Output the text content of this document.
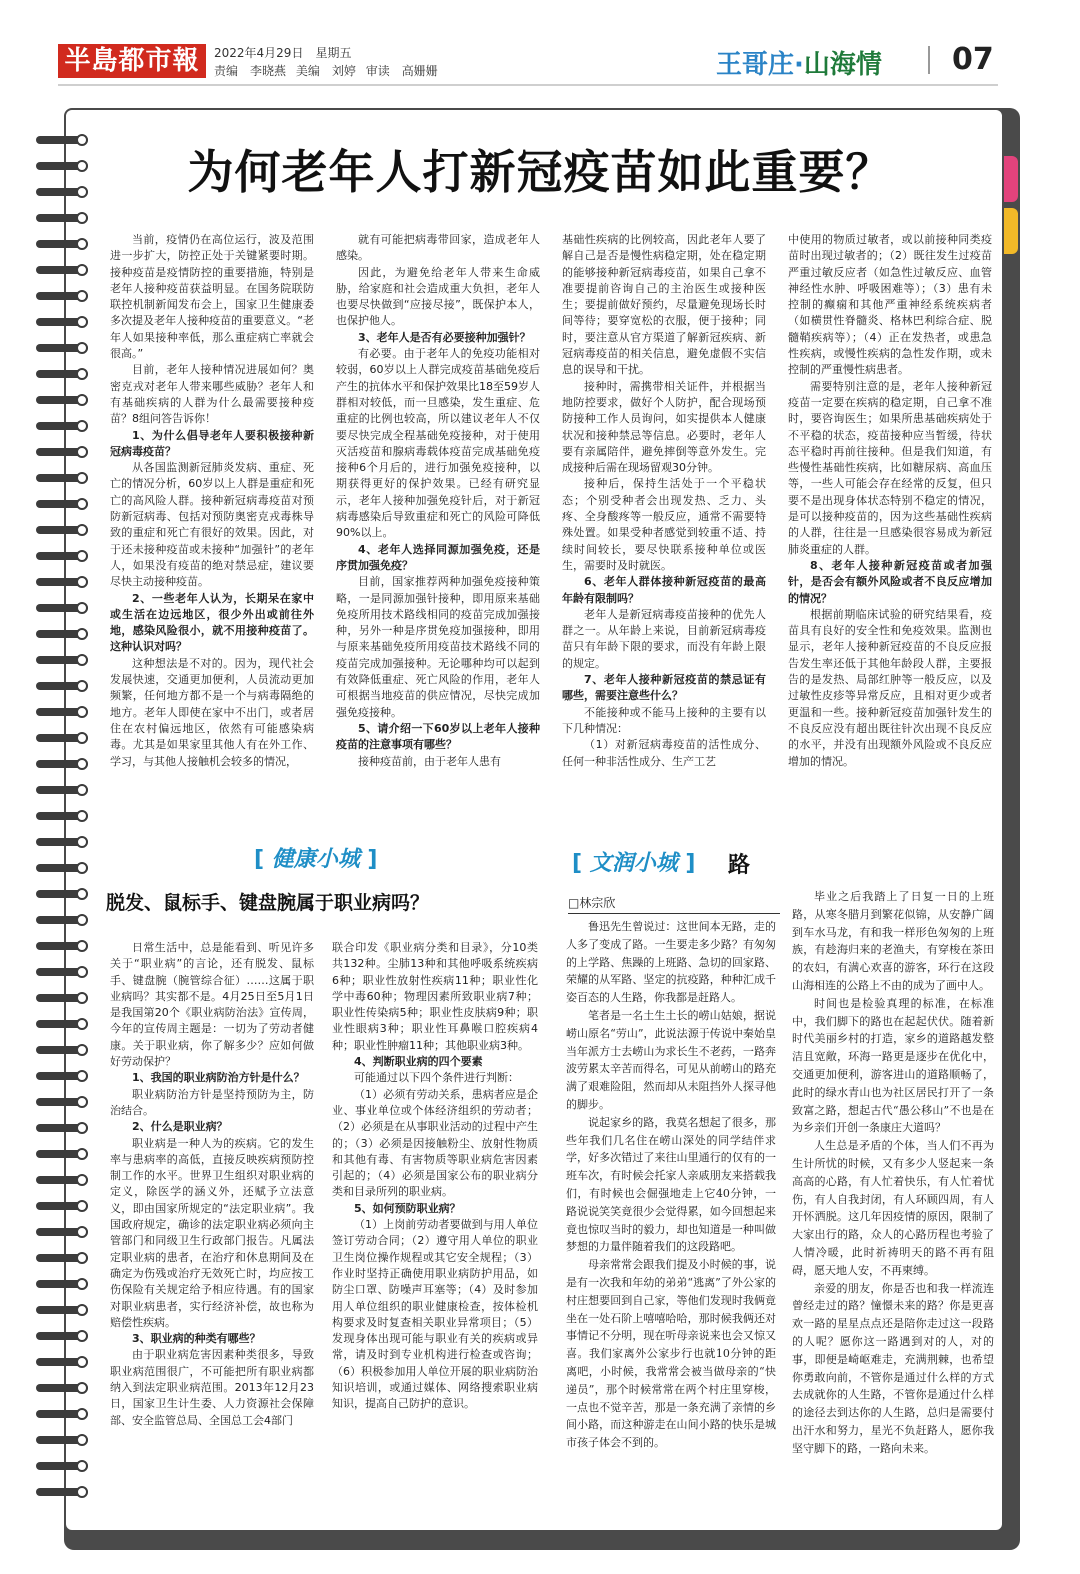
半島都市報	2022年4月29日　星期五
责编　李晓燕 美编　刘婷 审读　高姗姗	王哥庄·山海情 07
为何老年人打新冠疫苗如此重要？

当前，疫情仍在高位运行，波及范围进一步扩大，防控正处于关键紧要时期。接种疫苗是疫情防控的重要措施，特别是老年人接种疫苗获益明显。在国务院联防联控机制新闻发布会上，国家卫生健康委多次提及老年人接种疫苗的重要意义。“老年人如果接种率低，那么重症病亡率就会很高。”

目前，老年人接种情况进展如何？奥密克戎对老年人带来哪些威胁？老年人和有基础疾病的人群为什么最需要接种疫苗？8组问答告诉你！

1、为什么倡导老年人要积极接种新冠病毒疫苗？

从各国监测新冠肺炎发病、重症、死亡的情况分析，60岁以上人群是重症和死亡的高风险人群。接种新冠病毒疫苗对预防新冠病毒、包括对预防奥密克戎毒株导致的重症和死亡有很好的效果。因此，对于还未接种疫苗或未接种“加强针”的老年人，如果没有疫苗的绝对禁忌症，建议要尽快主动接种疫苗。

2、一些老年人认为，长期呆在家中或生活在边远地区，很少外出或前往外地，感染风险很小，就不用接种疫苗了。这种认识对吗？

这种想法是不对的。因为，现代社会发展快速，交通更加便利，人员流动更加频繁，任何地方都不是一个与病毒隔绝的地方。老年人即使在家中不出门，或者居住在农村偏远地区，依然有可能感染病毒。尤其是如果家里其他人有在外工作、学习，与其他人接触机会较多的情况，

就有可能把病毒带回家，造成老年人感染。

因此，为避免给老年人带来生命威胁，给家庭和社会造成重大负担，老年人也要尽快做到“应接尽接”，既保护本人，也保护他人。

3、老年人是否有必要接种加强针？

有必要。由于老年人的免疫功能相对较弱，60岁以上人群完成疫苗基础免疫后产生的抗体水平和保护效果比18至59岁人群相对较低，而一旦感染，发生重症、危重症的比例也较高，所以建议老年人不仅要尽快完成全程基础免疫接种，对于使用灭活疫苗和腺病毒载体疫苗完成基础免疫接种6个月后的，进行加强免疫接种，以期获得更好的保护效果。已经有研究显示，老年人接种加强免疫针后，对于新冠病毒感染后导致重症和死亡的风险可降低90%以上。

4、老年人选择同源加强免疫，还是序贯加强免疫？

目前，国家推荐两种加强免疫接种策略，一是同源加强针接种，即用原来基础免疫所用技术路线相同的疫苗完成加强接种，另外一种是序贯免疫加强接种，即用与原来基础免疫所用疫苗技术路线不同的疫苗完成加强接种。无论哪种均可以起到有效降低重症、死亡风险的作用，老年人可根据当地疫苗的供应情况，尽快完成加强免疫接种。

5、请介绍一下60岁以上老年人接种疫苗的注意事项有哪些？

接种疫苗前，由于老年人患有

基础性疾病的比例较高，因此老年人要了解自己是否是慢性病稳定期，处在稳定期的能够接种新冠病毒疫苗，如果自己拿不准要提前咨询自己的主治医生或接种医生；要提前做好预约，尽量避免现场长时间等待；要穿宽松的衣服，便于接种；同时，要注意从官方渠道了解新冠疾病、新冠病毒疫苗的相关信息，避免虚假不实信息的误导和干扰。

接种时，需携带相关证件，并根据当地防控要求，做好个人防护，配合现场预防接种工作人员询问，如实提供本人健康状况和接种禁忌等信息。必要时，老年人要有亲属陪伴，避免摔倒等意外发生。完成接种后需在现场留观30分钟。

接种后，保持生活处于一个平稳状态；个别受种者会出现发热、乏力、头疼、全身酸疼等一般反应，通常不需要特殊处置。如果受种者感觉到较重不适、持续时间较长，要尽快联系接种单位或医生，需要时及时就医。

6、老年人群体接种新冠疫苗的最高年龄有限制吗？

老年人是新冠病毒疫苗接种的优先人群之一。从年龄上来说，目前新冠病毒疫苗只有年龄下限的要求，而没有年龄上限的规定。

7、老年人接种新冠疫苗的禁忌证有哪些，需要注意些什么？

不能接种或不能马上接种的主要有以下几种情况：

（1）对新冠病毒疫苗的活性成分、任何一种非活性成分、生产工艺

中使用的物质过敏者，或以前接种同类疫苗时出现过敏者的；（2）既往发生过疫苗严重过敏反应者（如急性过敏反应、血管神经性水肿、呼吸困难等）；（3）患有未控制的癫痫和其他严重神经系统疾病者（如横贯性脊髓炎、格林巴利综合症、脱髓鞘疾病等）；（4）正在发热者，或患急性疾病，或慢性疾病的急性发作期，或未控制的严重慢性病患者。

需要特别注意的是，老年人接种新冠疫苗一定要在疾病的稳定期，自己拿不准时，要咨询医生；如果所患基础疾病处于不平稳的状态，疫苗接种应当暂缓，待状态平稳时再前往接种。但是我们知道，有些慢性基础性疾病，比如糖尿病、高血压等，一些人可能会存在经常的反复，但只要不是出现身体状态特别不稳定的情况，是可以接种疫苗的，因为这些基础性疾病的人群，往往是一旦感染很容易成为新冠肺炎重症的人群。

8、老年人接种新冠疫苗或者加强针，是否会有额外风险或者不良反应增加的情况？

根据前期临床试验的研究结果看，疫苗具有良好的安全性和免疫效果。监测也显示，老年人接种新冠疫苗的不良反应报告发生率还低于其他年龄段人群，主要报告的是发热、局部红肿等一般反应，以及过敏性皮疹等异常反应，且相对更少或者更温和一些。接种新冠疫苗加强针发生的不良反应没有超出既往针次出现不良反应的水平，并没有出现额外风险或不良反应增加的情况。

[ 健康小城 ]
脱发、鼠标手、键盘腕属于职业病吗？

日常生活中，总是能看到、听见许多关于“职业病”的言论，还有脱发、鼠标手、键盘腕（腕管综合征）……这属于职业病吗？其实都不是。4月25日至5月1日是我国第20个《职业病防治法》宣传周，今年的宣传周主题是：一切为了劳动者健康。关于职业病，你了解多少？应如何做好劳动保护？

1、我国的职业病防治方针是什么？

职业病防治方针是坚持预防为主，防治结合。

2、什么是职业病？

职业病是一种人为的疾病。它的发生率与患病率的高低，直接反映疾病预防控制工作的水平。世界卫生组织对职业病的定义，除医学的涵义外，还赋予立法意义，即由国家所规定的“法定职业病”。我国政府规定，确诊的法定职业病必须向主管部门和同级卫生行政部门报告。凡属法定职业病的患者，在治疗和休息期间及在确定为伤残或治疗无效死亡时，均应按工伤保险有关规定给予相应待遇。有的国家对职业病患者，实行经济补偿，故也称为赔偿性疾病。

3、职业病的种类有哪些？

由于职业病危害因素种类很多，导致职业病范围很广，不可能把所有职业病都纳入到法定职业病范围。2013年12月23日，国家卫生计生委、人力资源社会保障部、安全监管总局、全国总工会4部门

联合印发《职业病分类和目录》，分10类共132种。尘肺13种和其他呼吸系统疾病6种；职业性放射性疾病11种；职业性化学中毒60种；物理因素所致职业病7种；职业性传染病5种；职业性皮肤病9种；职业性眼病3种；职业性耳鼻喉口腔疾病4种；职业性肿瘤11种；其他职业病3种。

4、判断职业病的四个要素

可能通过以下四个条件进行判断：

（1）必须有劳动关系，患病者应是企业、事业单位或个体经济组织的劳动者；（2）必须是在从事职业活动的过程中产生的；（3）必须是因接触粉尘、放射性物质和其他有毒、有害物质等职业病危害因素引起的；（4）必须是国家公布的职业病分类和目录所列的职业病。

5、如何预防职业病？

（1）上岗前劳动者要做到与用人单位签订劳动合同；（2）遵守用人单位的职业卫生岗位操作规程或其它安全规程；（3）作业时坚持正确使用职业病防护用品，如防尘口罩、防噪声耳塞等；（4）及时参加用人单位组织的职业健康检查，按体检机构要求及时复查相关职业异常项目；（5）发现身体出现可能与职业有关的疾病或异常，请及时到专业机构进行检查或咨询；（6）积极参加用人单位开展的职业病防治知识培训，或通过媒体、网络搜索职业病知识，提高自己防护的意识。

[ 文润小城 ] 路
□林宗欣

鲁迅先生曾说过：这世间本无路，走的人多了变成了路。一生要走多少路？有匆匆的上学路、焦躁的上班路、急切的回家路、荣耀的从军路、坚定的抗疫路，种种汇成千姿百态的人生路，你我都是赶路人。

笔者是一名土生土长的崂山姑娘，据说崂山原名“劳山”，此说法源于传说中秦始皇当年派方士去崂山为求长生不老药，一路奔波劳累太辛苦而得名，可见从前崂山的路充满了艰难险阻，然而却从未阻挡外人探寻他的脚步。

说起家乡的路，我莫名想起了很多，那些年我们几名住在崂山深处的同学结伴求学，好多次错过了来往山里通行的仅有的一班车次，有时候会托家人亲戚朋友来搭载我们，有时候也会倔强地走上它40分钟，一路说说笑笑竟很少会觉得累，如今回想起来竟也惊叹当时的毅力，却也知道是一种叫做梦想的力量伴随着我们的这段路吧。

母亲常常会跟我们提及小时候的事，说是有一次我和年幼的弟弟“逃离”了外公家的村庄想要回到自己家，等他们发现时我俩竟坐在一处石阶上嘻嘻哈哈，那时候我俩还对事情记不分明，现在听母亲说来也会又惊又喜。我们家离外公家步行也就10分钟的距离吧，小时候，我常常会被当做母亲的“快递员”，那个时候常常在两个村庄里穿梭，一点也不觉辛苦，那是一条充满了亲情的乡间小路，而这种游走在山间小路的快乐是城市孩子体会不到的。

毕业之后我踏上了日复一日的上班路，从寒冬腊月到繁花似锦，从安静广阔到车水马龙，有和我一样形色匆匆的上班族，有趁海归来的老渔夫，有穿梭在茶田的农妇，有满心欢喜的游客，环行在这段山海相连的公路上不由的成为了画中人。

时间也是检验真理的标准，在标准中，我们脚下的路也在起起伏伏。随着新时代美丽乡村的打造，家乡的道路越发整洁且宽敞，环海一路更是逐步在优化中，交通更加便利，游客进山的道路顺畅了，此时的绿水青山也为社区居民打开了一条致富之路，想起古代“愚公移山”不也是在为乡亲们开创一条康庄大道吗？

人生总是矛盾的个体，当人们不再为生计所忧的时候，又有多少人竖起来一条高高的心路，有人忙着快乐，有人忙着忧伤，有人自我封闭，有人环顾四周，有人开怀洒脱。这几年因疫情的原因，限制了大家出行的路，众人的心路历程也考验了人情冷暖，此时祈祷明天的路不再有阻碍，愿天地人安，不再柬缚。

亲爱的朋友，你是否也和我一样流连曾经走过的路？憧憬未来的路？你是更喜欢一路的星星点点还是陪你走过这一段路的人呢？愿你这一路遇到对的人，对的事，即便是崎岖难走，充满荆棘，也希望你勇敢向前，不管你是通过什么样的方式去成就你的人生路，不管你是通过什么样的途径去到达你的人生路，总归是需要付出汗水和努力，星光不负赶路人，愿你我坚守脚下的路，一路向未来。
